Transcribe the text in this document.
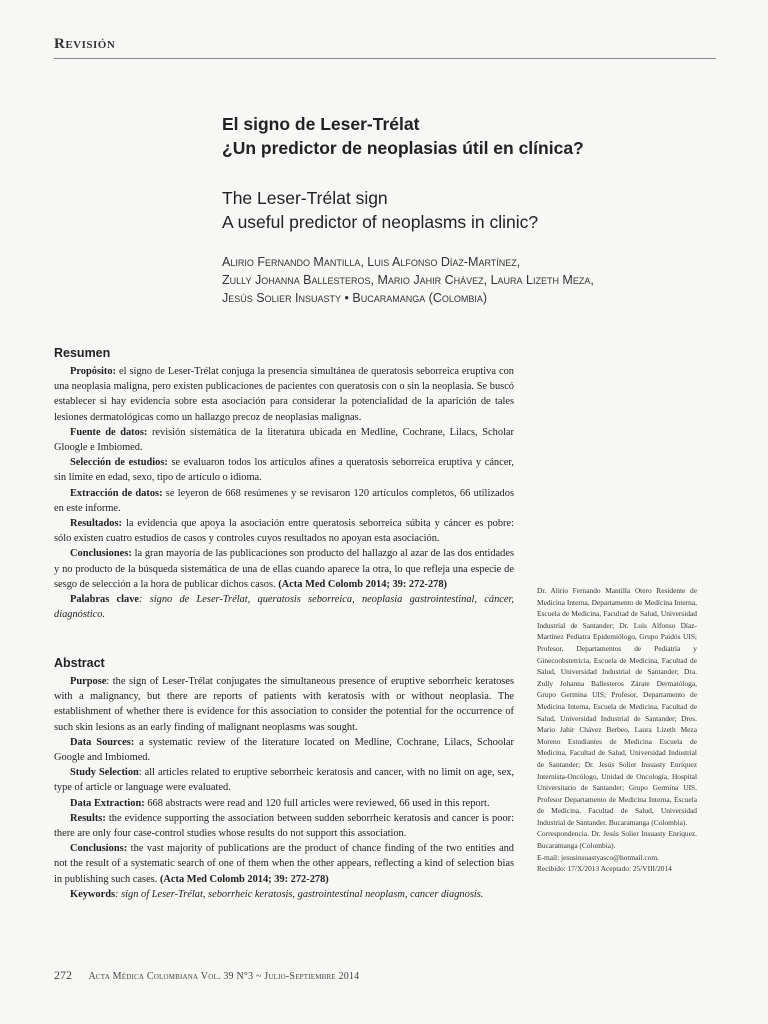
Revisión
El signo de Leser-Trélat
¿Un predictor de neoplasias útil en clínica?
The Leser-Trélat sign
A useful predictor of neoplasms in clinic?
Alirio Fernando Mantilla, Luis Alfonso Díaz-Martínez,
Zully Johanna Ballesteros, Mario Jahir Chávez, Laura Lizeth Meza,
Jesús Solier Insuasty • Bucaramanga (Colombia)
Resumen

Propósito: el signo de Leser-Trélat conjuga la presencia simultánea de queratosis seborreica eruptiva con una neoplasia maligna, pero existen publicaciones de pacientes con queratosis con o sin la neoplasia. Se buscó establecer si hay evidencia sobre esta asociación para considerar la potencialidad de la aparición de tales lesiones dermatológicas como un hallazgo precoz de neoplasias malignas.

Fuente de datos: revisión sistemática de la literatura ubicada en Medline, Cochrane, Lilacs, Scholar Gloogle e Imbiomed.

Selección de estudios: se evaluaron todos los artículos afines a queratosis seborreica eruptiva y cáncer, sin límite en edad, sexo, tipo de artículo o idioma.

Extracción de datos: se leyeron de 668 resúmenes y se revisaron 120 artículos completos, 66 utilizados en este informe.

Resultados: la evidencia que apoya la asociación entre queratosis seborreica súbita y cáncer es pobre: sólo existen cuatro estudios de casos y controles cuyos resultados no apoyan esta asociación.

Conclusiones: la gran mayoría de las publicaciones son producto del hallazgo al azar de las dos entidades y no producto de la búsqueda sistemática de una de ellas cuando aparece la otra, lo que refleja una especie de sesgo de selección a la hora de publicar dichos casos. (Acta Med Colomb 2014; 39: 272-278)

Palabras clave: signo de Leser-Trélat, queratosis seborreica, neoplasia gastrointestinal, cáncer, diagnóstico.

Abstract

Purpose: the sign of Leser-Trélat conjugates the simultaneous presence of eruptive seborrheic keratoses with a malignancy, but there are reports of patients with keratosis with or without neoplasia. The establishment of whether there is evidence for this association to consider the potential for the occurrence of such skin lesions as an early finding of malignant neoplasms was sought.

Data Sources: a systematic review of the literature located on Medline, Cochrane, Lilacs, Schoolar Google and Imbiomed.

Study Selection: all articles related to eruptive seborrheic keratosis and cancer, with no limit on age, sex, type of article or language were evaluated.

Data Extraction: 668 abstracts were read and 120 full articles were reviewed, 66 used in this report.

Results: the evidence supporting the association between sudden seborrheic keratosis and cancer is poor: there are only four case-control studies whose results do not support this association.

Conclusions: the vast majority of publications are the product of chance finding of the two entities and not the result of a systematic search of one of them when the other appears, reflecting a kind of selection bias in publishing such cases. (Acta Med Colomb 2014; 39: 272-278)

Keywords: sign of Leser-Trélat, seborrheic keratosis, gastrointestinal neoplasm, cancer diagnosis.

Dr. Alirio Fernando Mantilla Otero Residente de Medicina Interna, Departamento de Medicina Interna, Escuela de Medicina, Facultad de Salud, Universidad Industrial de Santander; Dr. Luis Alfonso Díaz-Martínez Pediatra Epidemiólogo, Grupo Paidós UIS; Profesor, Departamentos de Pediatría y Ginecoobstetricia, Escuela de Medicina, Facultad de Salud, Universidad Industrial de Santander; Dra. Zully Johanna Ballesteros Zárate Dermatóloga, Grupo Germina UIS; Profesor, Departamento de Medicina Interna, Escuela de Medicina, Facultad de Salud, Universidad Industrial de Santander; Dres. Mario Jahir Chávez Berbeo, Laura Lizeth Meza Moreno Estudiantes de Medicina Escuela de Medicina, Facultad de Salud, Universidad Industrial de Santander; Dr. Jesús Solier Insuasty Enríquez Internista-Oncólogo, Unidad de Oncología, Hospital Universitario de Santander; Grupo Germina UIS. Profesor Departamento de Medicina Interna, Escuela de Medicina, Facultad de Salud, Universidad Industrial de Santander. Bucaramanga (Colombia).

Correspondencia. Dr. Jesús Solier Insuasty Enríquez. Bucaramanga (Colombia).

E-mail: jesusinsuastyasco@hotmail.com.

Recibido: 17/X/2013 Aceptado: 25/VIII/2014

272 Acta Médica Colombiana Vol. 39 N°3 ~ Julio-Septiembre 2014
